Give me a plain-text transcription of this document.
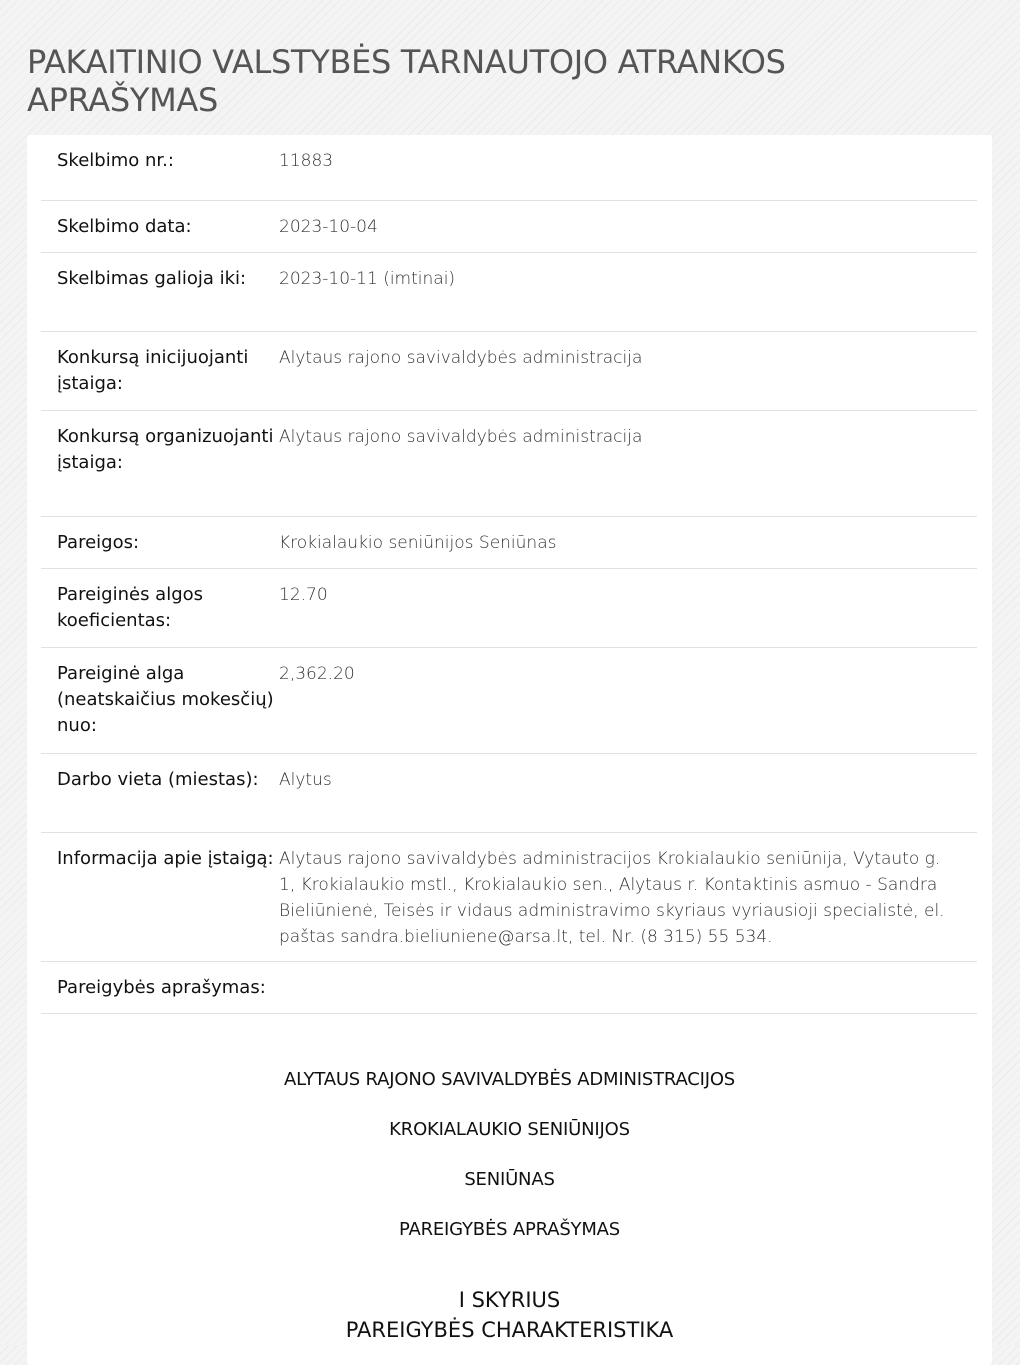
PAKAITINIO VALSTYBĖS TARNAUTOJO ATRANKOS APRAŠYMAS
Skelbimo nr.:	11883
Skelbimo data:	2023-10-04
Skelbimas galioja iki:	2023-10-11 (imtinai)
Konkursą inicijuojanti įstaiga:
Alytaus rajono savivaldybės administracija
Konkursą organizuojanti įstaiga:
Alytaus rajono savivaldybės administracija
Pareigos:	Krokialaukio seniūnijos Seniūnas
Pareiginės algos koeficientas:
12.70
Pareiginė alga (neatskaičius mokesčių) nuo:
2,362.20
Darbo vieta (miestas):	Alytus
Informacija apie įstaigą: Alytaus rajono savivaldybės administracijos Krokialaukio seniūnija, Vytauto g. 1, Krokialaukio mstl., Krokialaukio sen., Alytaus r. Kontaktinis asmuo - Sandra Bieliūnienė, Teisės ir vidaus administravimo skyriaus vyriausioji specialistė, el. paštas sandra.bieliuniene@arsa.lt, tel. Nr. (8 315) 55 534.
Pareigybės aprašymas:
ALYTAUS RAJONO SAVIVALDYBĖS ADMINISTRACIJOS
KROKIALAUKIO SENIŪNIJOS
SENIŪNAS
PAREIGYBĖS APRAŠYMAS
I SKYRIUS
PAREIGYBĖS CHARAKTERISTIKA
